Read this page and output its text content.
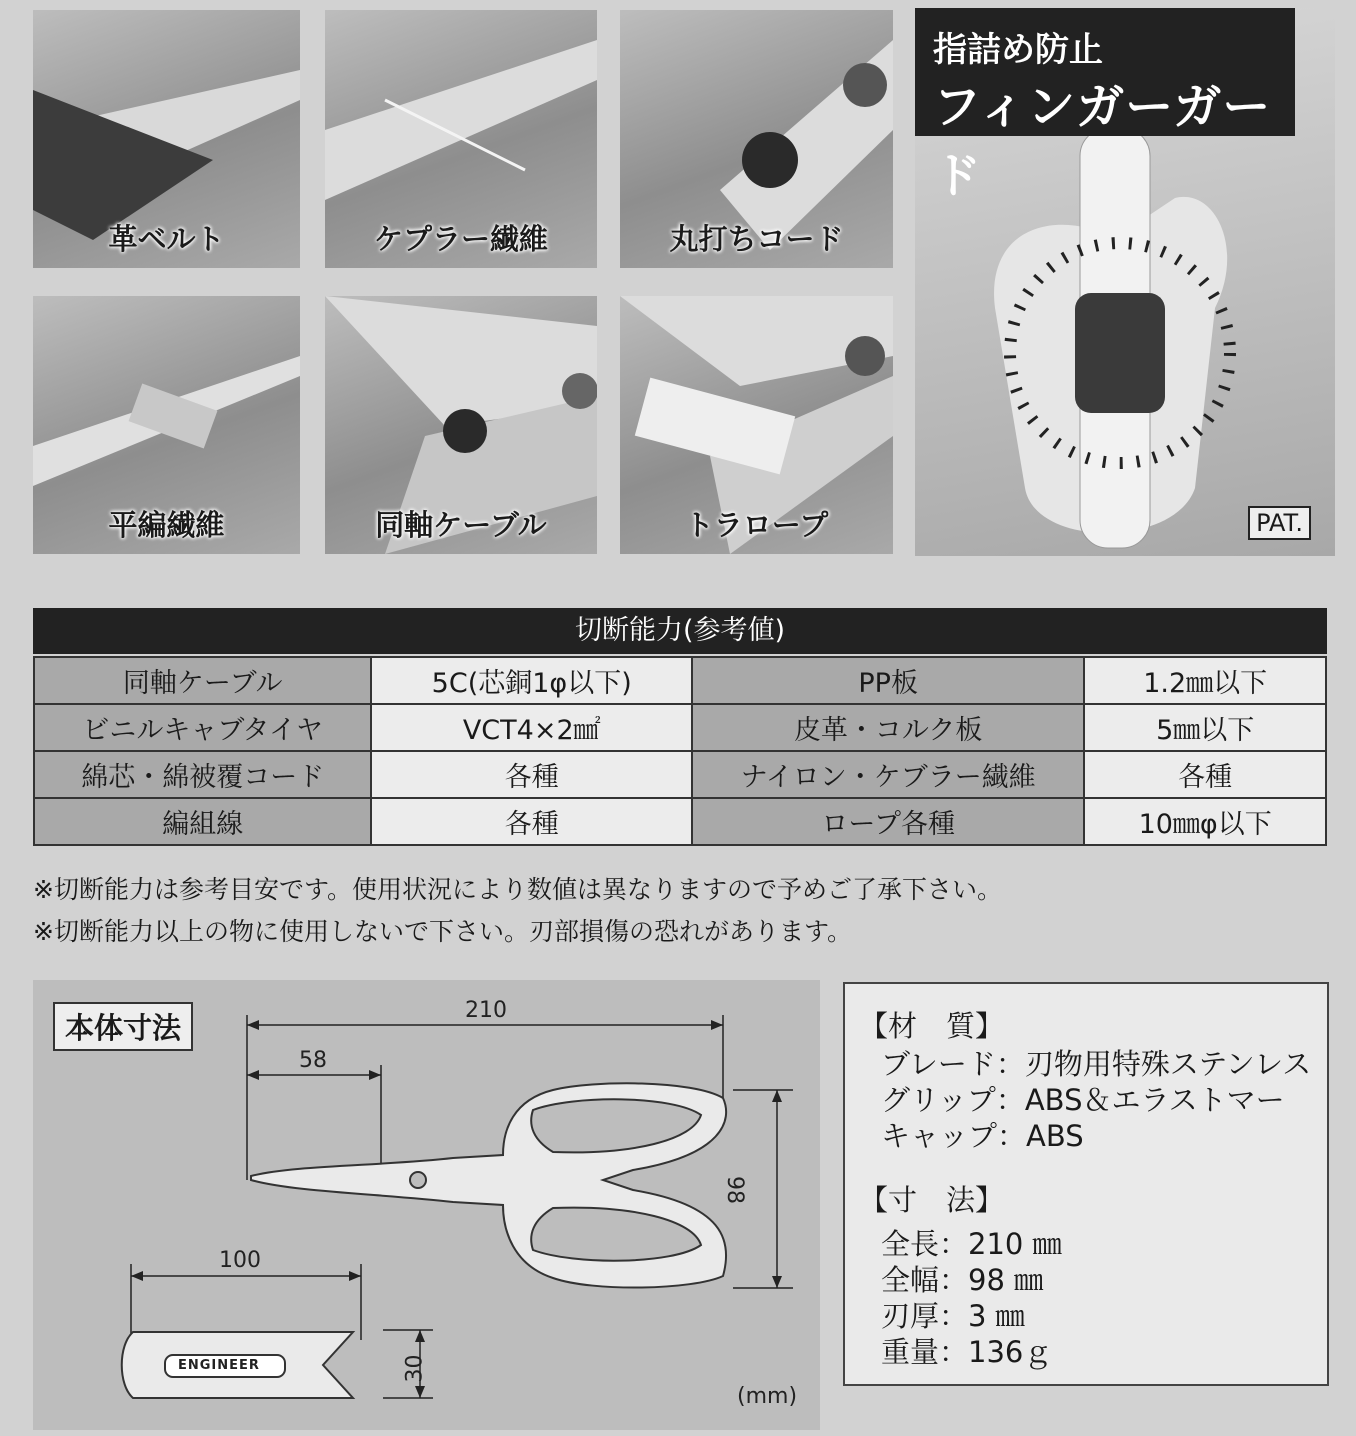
革ベルト	ケプラー繊維	丸打ちコード
平編繊維	同軸ケーブル	トラロープ
指詰め防止
フィンガーガード
PAT.
切断能力(参考値)
同軸ケーブル	5C(芯銅1φ以下)	PP板	1.2㎜以下
ビニルキャブタイヤ	VCT4×2㎟	皮革・コルク板	5㎜以下
綿芯・綿被覆コード	各種	ナイロン・ケブラー繊維	各種
編組線	各種	ロープ各種	10㎜φ以下
※切断能力は参考目安です。使用状況により数値は異なりますので予めご了承下さい。
※切断能力以上の物に使用しないで下さい。刃部損傷の恐れがあります。
本体寸法
210
58
98
100
30
ENGINEER
(mm)
【材　質】
ブレード：刃物用特殊ステンレス
グリップ：ABS＆エラストマー
キャップ：ABS
【寸　法】
全長：210 ㎜
全幅：98 ㎜
刃厚：3 ㎜
重量：136ｇ
